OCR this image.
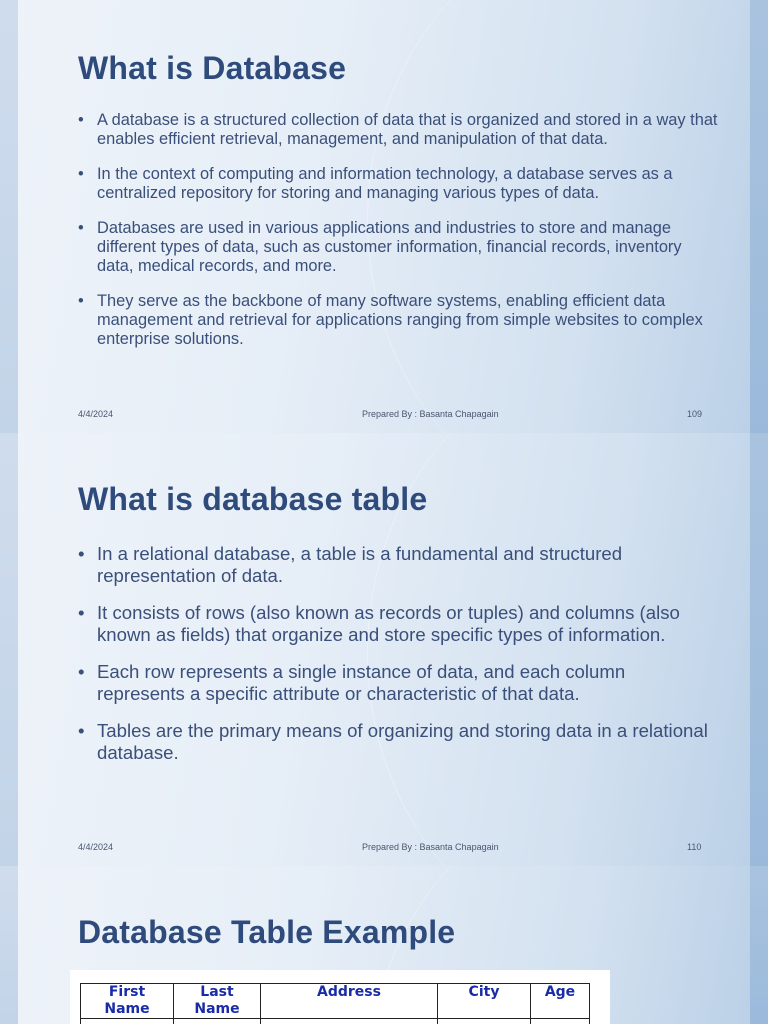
What is Database
• A database is a structured collection of data that is organized and stored in a way that enables efficient retrieval, management, and manipulation of that data.
• In the context of computing and information technology, a database serves as a centralized repository for storing and managing various types of data.
• Databases are used in various applications and industries to store and manage different types of data, such as customer information, financial records, inventory data, medical records, and more.
• They serve as the backbone of many software systems, enabling efficient data management and retrieval for applications ranging from simple websites to complex enterprise solutions.
4/4/2024	Prepared By : Basanta Chapagain	109
What is database table
• In a relational database, a table is a fundamental and structured representation of data.
• It consists of rows (also known as records or tuples) and columns (also known as fields) that organize and store specific types of information.
• Each row represents a single instance of data, and each column represents a specific attribute or characteristic of that data.
• Tables are the primary means of organizing and storing data in a relational database.
4/4/2024	Prepared By : Basanta Chapagain	110
Database Table Example
First Name	Last Name	Address	City	Age
